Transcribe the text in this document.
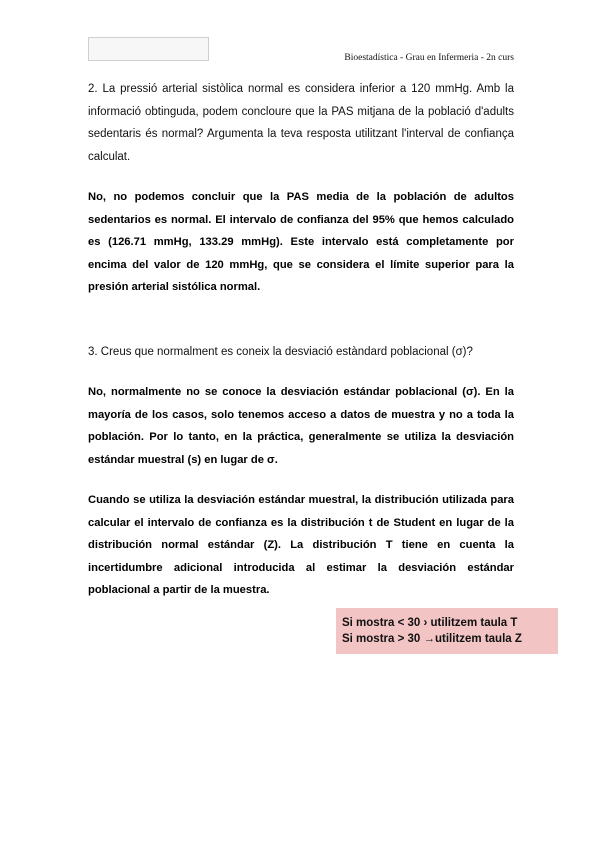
Bioestadística - Grau en Infermeria - 2n curs

2. La pressió arterial sistòlica normal es considera inferior a 120 mmHg. Amb la informació obtinguda, podem concloure que la PAS mitjana de la població d'adults sedentaris és normal? Argumenta la teva resposta utilitzant l'interval de confiança calculat.

No, no podemos concluir que la PAS media de la población de adultos sedentarios es normal. El intervalo de confianza del 95% que hemos calculado es (126.71 mmHg, 133.29 mmHg). Este intervalo está completamente por encima del valor de 120 mmHg, que se considera el límite superior para la presión arterial sistólica normal.

3. Creus que normalment es coneix la desviació estàndard poblacional (σ)?

No, normalmente no se conoce la desviación estándar poblacional (σ). En la mayoría de los casos, solo tenemos acceso a datos de muestra y no a toda la población. Por lo tanto, en la práctica, generalmente se utiliza la desviación estándar muestral (s) en lugar de σ.

Cuando se utiliza la desviación estándar muestral, la distribución utilizada para calcular el intervalo de confianza es la distribución t de Student en lugar de la distribución normal estándar (Z). La distribución T tiene en cuenta la incertidumbre adicional introducida al estimar la desviación estándar poblacional a partir de la muestra.

Si mostra < 30 › utilitzem taula T
Si mostra > 30 →utilitzem taula Z
